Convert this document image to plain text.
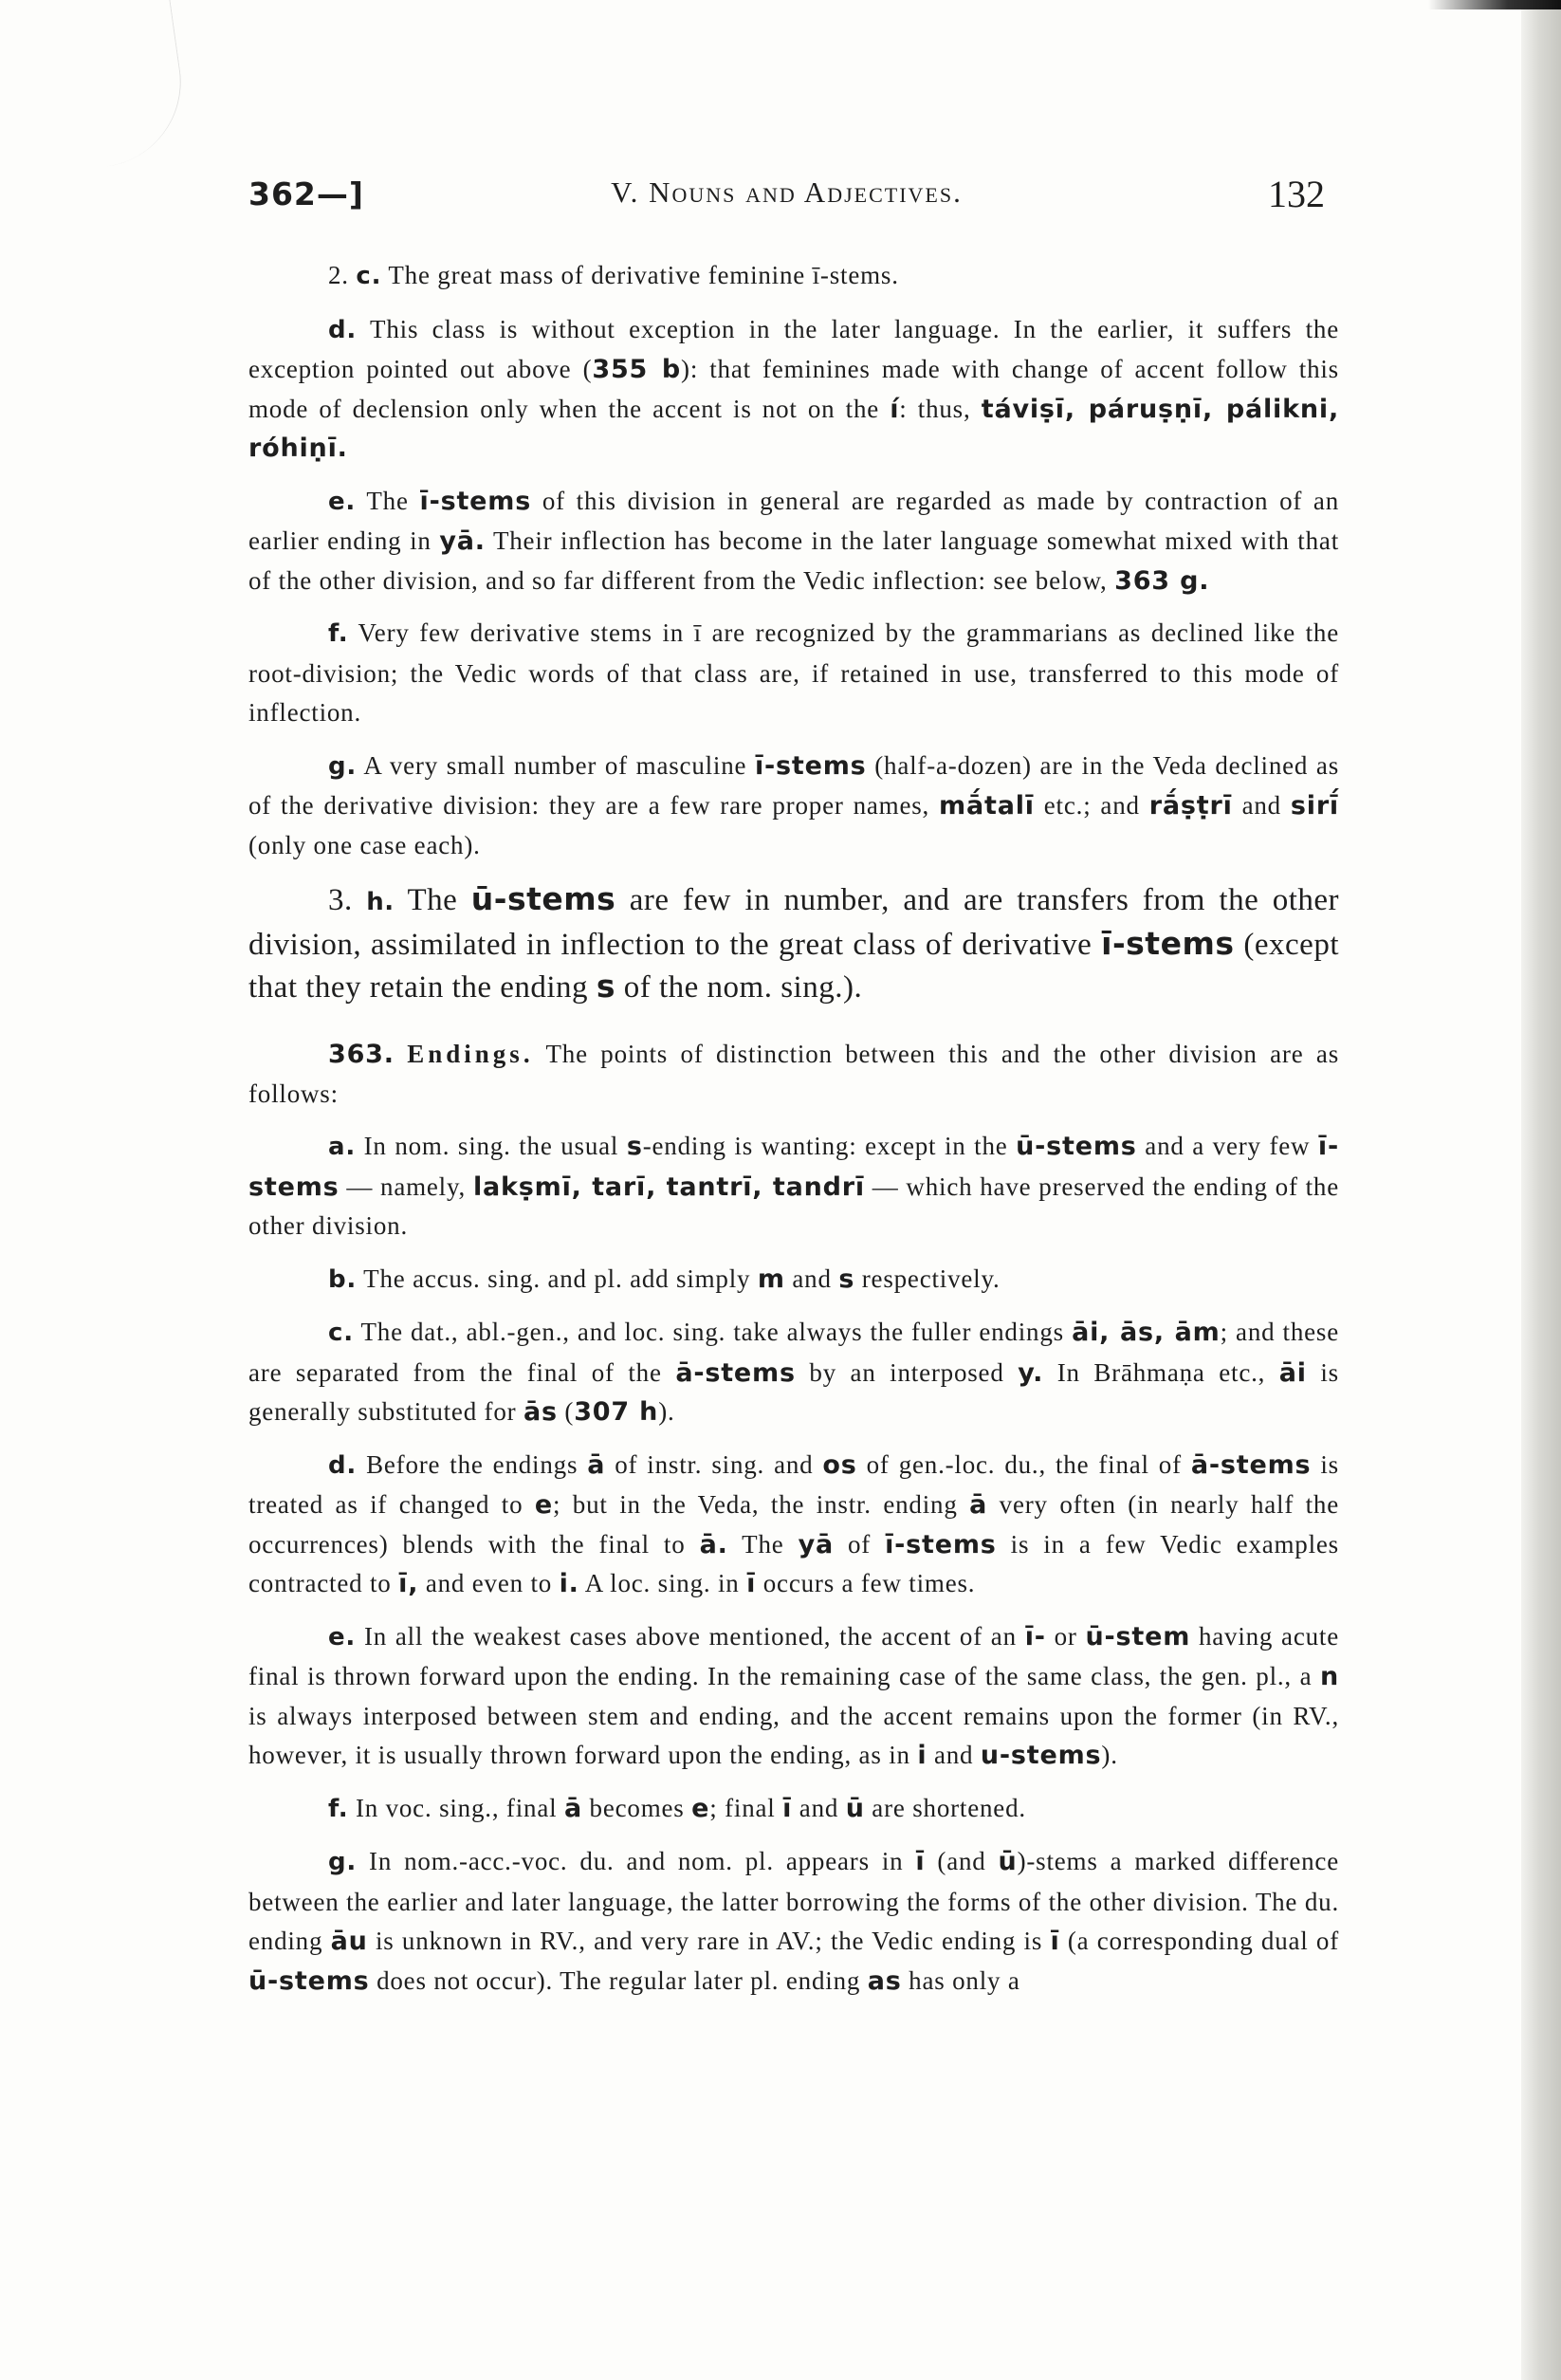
362—]	V. Nouns and Adjectives.	132

2. c. The great mass of derivative feminine ī-stems.

d. This class is without exception in the later language. In the earlier, it suffers the exception pointed out above (355 b): that feminines made with change of accent follow this mode of declension only when the accent is not on the í: thus, táviṣī, páruṣṇī, pálikni, róhiṇī.

e. The ī-stems of this division in general are regarded as made by contraction of an earlier ending in yā. Their inflection has become in the later language somewhat mixed with that of the other division, and so far different from the Vedic inflection: see below, 363 g.

f. Very few derivative stems in ī are recognized by the grammarians as declined like the root-division; the Vedic words of that class are, if retained in use, transferred to this mode of inflection.

g. A very small number of masculine ī-stems (half-a-dozen) are in the Veda declined as of the derivative division: they are a few rare proper names, mā́talī etc.; and rā́ṣṭrī and sirī́ (only one case each).

3. h. The ū-stems are few in number, and are transfers from the other division, assimilated in inflection to the great class of derivative ī-stems (except that they retain the ending s of the nom. sing.).

363. Endings. The points of distinction between this and the other division are as follows:

a. In nom. sing. the usual s-ending is wanting: except in the ū-stems and a very few ī-stems — namely, lakṣmī, tarī, tantrī, tandrī — which have preserved the ending of the other division.

b. The accus. sing. and pl. add simply m and s respectively.

c. The dat., abl.-gen., and loc. sing. take always the fuller endings āi, ās, ām; and these are separated from the final of the ā-stems by an interposed y. In Brāhmaṇa etc., āi is generally substituted for ās (307 h).

d. Before the endings ā of instr. sing. and os of gen.-loc. du., the final of ā-stems is treated as if changed to e; but in the Veda, the instr. ending ā very often (in nearly half the occurrences) blends with the final to ā. The yā of ī-stems is in a few Vedic examples contracted to ī, and even to i. A loc. sing. in ī occurs a few times.

e. In all the weakest cases above mentioned, the accent of an ī- or ū-stem having acute final is thrown forward upon the ending. In the remaining case of the same class, the gen. pl., a n is always interposed between stem and ending, and the accent remains upon the former (in RV., however, it is usually thrown forward upon the ending, as in i and u-stems).

f. In voc. sing., final ā becomes e; final ī and ū are shortened.

g. In nom.-acc.-voc. du. and nom. pl. appears in ī (and ū)-stems a marked difference between the earlier and later language, the latter borrowing the forms of the other division. The du. ending āu is unknown in RV., and very rare in AV.; the Vedic ending is ī (a corresponding dual of ū-stems does not occur). The regular later pl. ending as has only a
